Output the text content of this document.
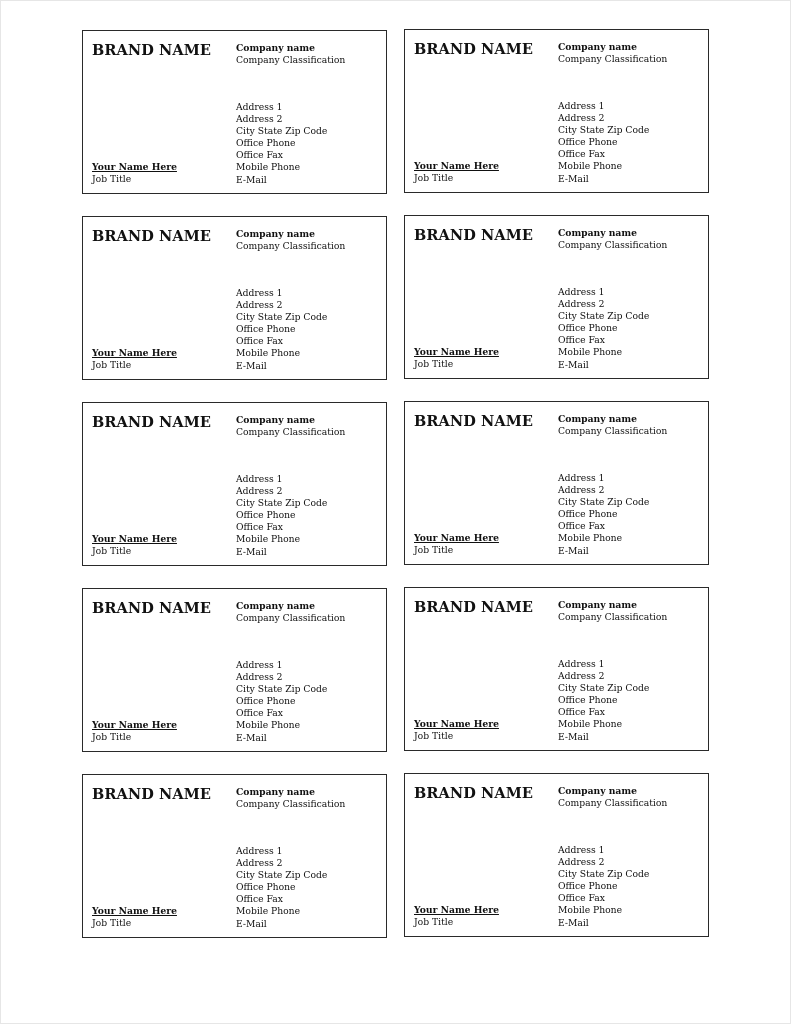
BRAND NAME	Company name
Company Classification
Address 1
Address 2
City State Zip Code
Office Phone
Office Fax
Mobile Phone
E-Mail
Your Name Here
Job Title
BRAND NAME	Company name
Company Classification
Address 1
Address 2
City State Zip Code
Office Phone
Office Fax
Mobile Phone
E-Mail
Your Name Here
Job Title
BRAND NAME	Company name
Company Classification
Address 1
Address 2
City State Zip Code
Office Phone
Office Fax
Mobile Phone
E-Mail
Your Name Here
Job Title
BRAND NAME	Company name
Company Classification
Address 1
Address 2
City State Zip Code
Office Phone
Office Fax
Mobile Phone
E-Mail
Your Name Here
Job Title
BRAND NAME	Company name
Company Classification
Address 1
Address 2
City State Zip Code
Office Phone
Office Fax
Mobile Phone
E-Mail
Your Name Here
Job Title
BRAND NAME	Company name
Company Classification
Address 1
Address 2
City State Zip Code
Office Phone
Office Fax
Mobile Phone
E-Mail
Your Name Here
Job Title
BRAND NAME	Company name
Company Classification
Address 1
Address 2
City State Zip Code
Office Phone
Office Fax
Mobile Phone
E-Mail
Your Name Here
Job Title
BRAND NAME	Company name
Company Classification
Address 1
Address 2
City State Zip Code
Office Phone
Office Fax
Mobile Phone
E-Mail
Your Name Here
Job Title
BRAND NAME	Company name
Company Classification
Address 1
Address 2
City State Zip Code
Office Phone
Office Fax
Mobile Phone
E-Mail
Your Name Here
Job Title
BRAND NAME	Company name
Company Classification
Address 1
Address 2
City State Zip Code
Office Phone
Office Fax
Mobile Phone
E-Mail
Your Name Here
Job Title
